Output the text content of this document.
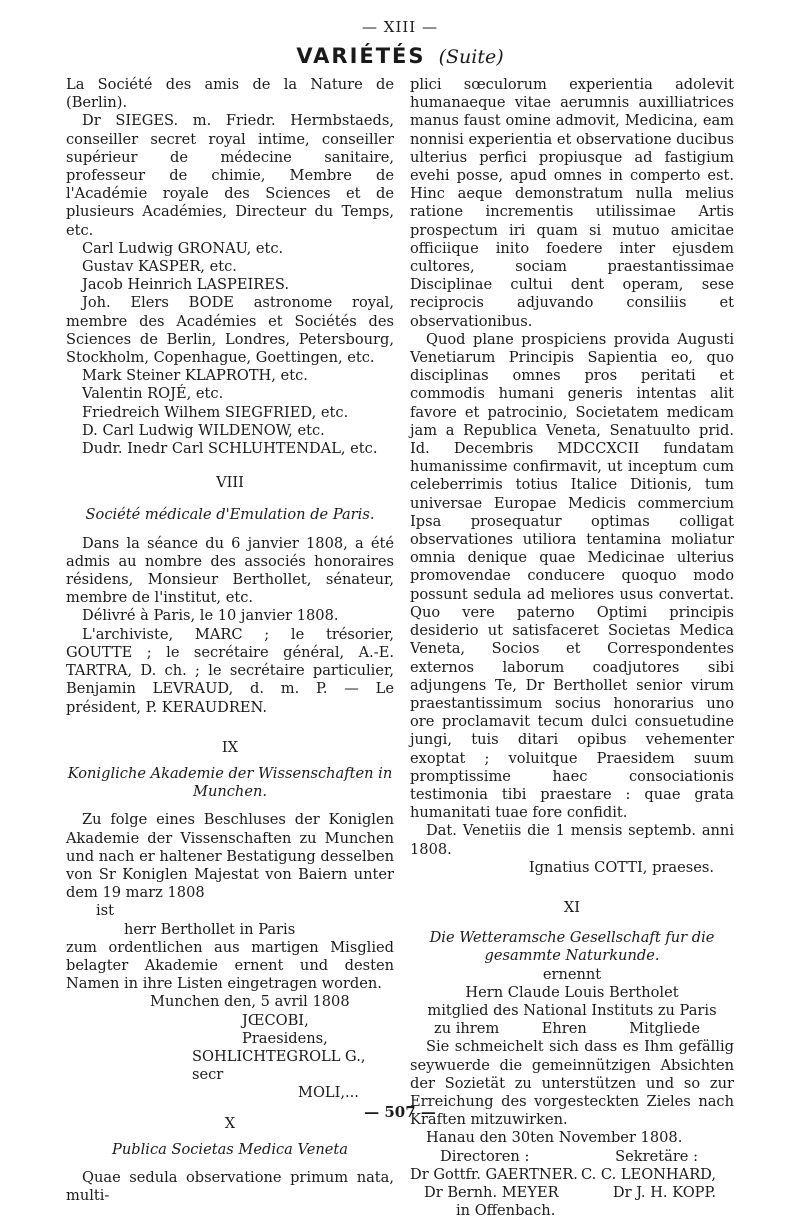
— XIII —
VARIÉTÉS (Suite)

La Société des amis de la Nature de (Berlin).

Dr SIEGES. m. Friedr. Hermbstaeds, conseiller secret royal intime, conseiller supérieur de médecine sanitaire, professeur de chimie, Membre de l'Académie royale des Sciences et de plusieurs Académies, Directeur du Temps, etc.

Carl Ludwig GRONAU, etc.

Gustav KASPER, etc.

Jacob Heinrich LASPEIRES.

Joh. Elers BODE astronome royal, membre des Académies et Sociétés des Sciences de Berlin, Londres, Petersbourg, Stockholm, Copenhague, Goettingen, etc.

Mark Steiner KLAPROTH, etc.

Valentin ROJÉ, etc.

Friedreich Wilhem SIEGFRIED, etc.

D. Carl Ludwig WILDENOW, etc.

Dudr. Inedr Carl SCHLUHTENDAL, etc.

VIII

Société médicale d'Emulation de Paris.

Dans la séance du 6 janvier 1808, a été admis au nombre des associés honoraires résidens, Monsieur Berthollet, sénateur, membre de l'institut, etc.

Délivré à Paris, le 10 janvier 1808.

L'archiviste, MARC ; le trésorier, GOUTTE ; le secrétaire général, A.-E. TARTRA, D. ch. ; le secrétaire particulier, Benjamin LEVRAUD, d. m. P. — Le président, P. KERAUDREN.

IX

Konigliche Akademie der Wissenschaften in Munchen.

Zu folge eines Beschluses der Koniglen Akademie der Vissenschaften zu Munchen und nach er haltener Bestatigung desselben von Sr Koniglen Majestat von Baiern unter dem 19 marz 1808

ist

herr Berthollet in Paris

zum ordentlichen aus martigen Misglied belagter Akademie ernent und desten Namen in ihre Listen eingetragen worden.

Munchen den, 5 avril 1808

JŒCOBI, Praesidens,

SOHLICHTEGROLL G., secr

MOLI,...

X

Publica Societas Medica Veneta

Quae sedula observatione primum nata, multi-

plici sœculorum experientia adolevit humanaeque vitae aerumnis auxilliatrices manus faust omine admovit, Medicina, eam nonnisi experientia et observatione ducibus ulterius perfici propiusque ad fastigium evehi posse, apud omnes in comperto est. Hinc aeque demonstratum nulla melius ratione incrementis utilissimae Artis prospectum iri quam si mutuo amicitae officiique inito foedere inter ejusdem cultores, sociam praestantissimae Disciplinae cultui dent operam, sese reciprocis adjuvando consiliis et observationibus.

Quod plane prospiciens provida Augusti Venetiarum Principis Sapientia eo, quo disciplinas omnes pros peritati et commodis humani generis intentas alit favore et patrocinio, Societatem medicam jam a Republica Veneta, Senatuulto prid. Id. Decembris MDCCXCII fundatam humanissime confirmavit, ut inceptum cum celeberrimis totius Italice Ditionis, tum universae Europae Medicis commercium Ipsa prosequatur optimas colligat observationes utiliora tentamina moliatur omnia denique quae Medicinae ulterius promovendae conducere quoquo modo possunt sedula ad meliores usus convertat. Quo vere paterno Optimi principis desiderio ut satisfaceret Societas Medica Veneta, Socios et Correspondentes externos laborum coadjutores sibi adjungens Te, Dr Berthollet senior virum praestantissimum socius honorarius uno ore proclamavit tecum dulci consuetudine jungi, tuis ditari opibus vehementer exoptat ; voluitque Praesidem suum promptissime haec consociationis testimonia tibi praestare : quae grata humanitati tuae fore confidit.

Dat. Venetiis die 1 mensis septemb. anni 1808.

Ignatius COTTI, praeses.

XI

Die Wetteramsche Gesellschaft fur die gesammte Naturkunde.

ernennt

Hern Claude Louis Bertholet

mitglied des National Instituts zu Paris

zu ihrem	Ehren	Mitgliede

Sie schmeichelt sich dass es Ihm gefällig seywuerde die gemeinnützigen Absichten der Sozietät zu unterstützen und so zur Erreichung des vorgesteckten Zieles nach Kraften mitzuwirken.

Hanau den 30ten November 1808.

Directoren :	Sekretäre :

Dr Gottfr. GAERTNER. C. C. LEONHARD,

Dr Bernh. MEYER	Dr J. H. KOPP.

in Offenbach.

— 507 —
